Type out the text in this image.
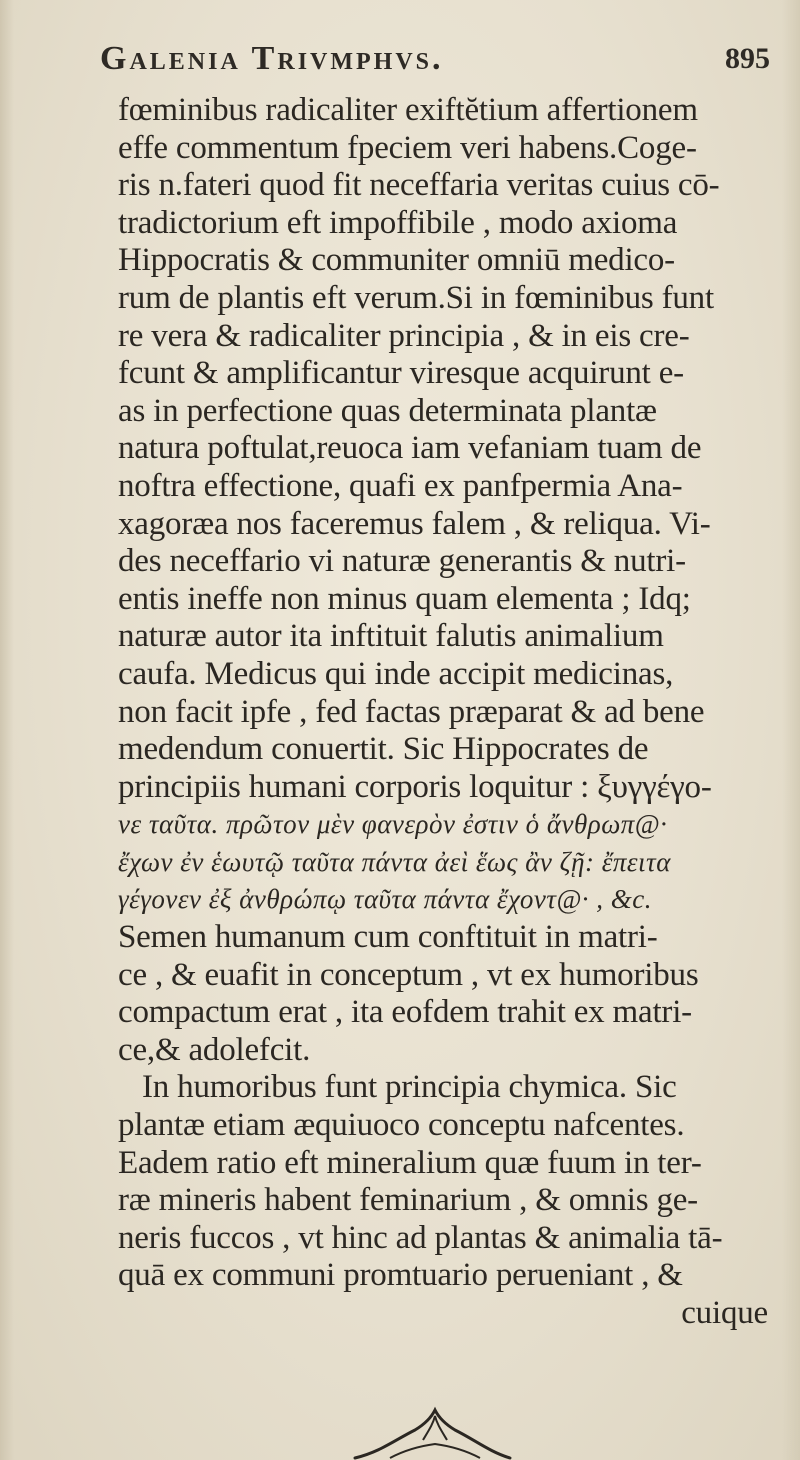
Galenia Trivmphvs.	895
fœminibus radicaliter exiftĕtium affertionem
effe commentum fpeciem veri habens.Coge-
ris n.fateri quod fit neceffaria veritas cuius cō-
tradictorium eft impoffibile , modo axioma
Hippocratis & communiter omniū medico-
rum de plantis eft verum.Si in fœminibus funt
re vera & radicaliter principia , & in eis cre-
fcunt & amplificantur viresque acquirunt e-
as in perfectione quas determinata plantæ
natura poftulat,reuoca iam vefaniam tuam de
noftra effectione, quafi ex panfpermia Ana-
xagoræa nos faceremus falem , & reliqua. Vi-
des neceffario vi naturæ generantis & nutri-
entis ineffe non minus quam elementa ; Idq;
naturæ autor ita inftituit falutis animalium
caufa. Medicus qui inde accipit medicinas,
non facit ipfe , fed factas præparat & ad bene
medendum conuertit. Sic Hippocrates de
principiis humani corporis loquitur : ξυγγέγο-
νε ταῦτα. πρῶτον μὲν φανερὸν ἐστιν ὁ ἄνθρωπ@·
ἔχων ἐν ἑωυτῷ ταῦτα πάντα ἀεὶ ἕως ἂν ζῇ: ἔπειτα
γέγονεν ἐξ ἀνθρώπῳ ταῦτα πάντα ἔχοντ@· , &c.
Semen humanum cum conftituit in matri-
ce , & euafit in conceptum , vt ex humoribus
compactum erat , ita eofdem trahit ex matri-
ce,& adolefcit.
In humoribus funt principia chymica. Sic
plantæ etiam æquiuoco conceptu nafcentes.
Eadem ratio eft mineralium quæ fuum in ter-
ræ mineris habent feminarium , & omnis ge-
neris fuccos , vt hinc ad plantas & animalia tā-
quā ex communi promtuario perueniant , &
cuique
